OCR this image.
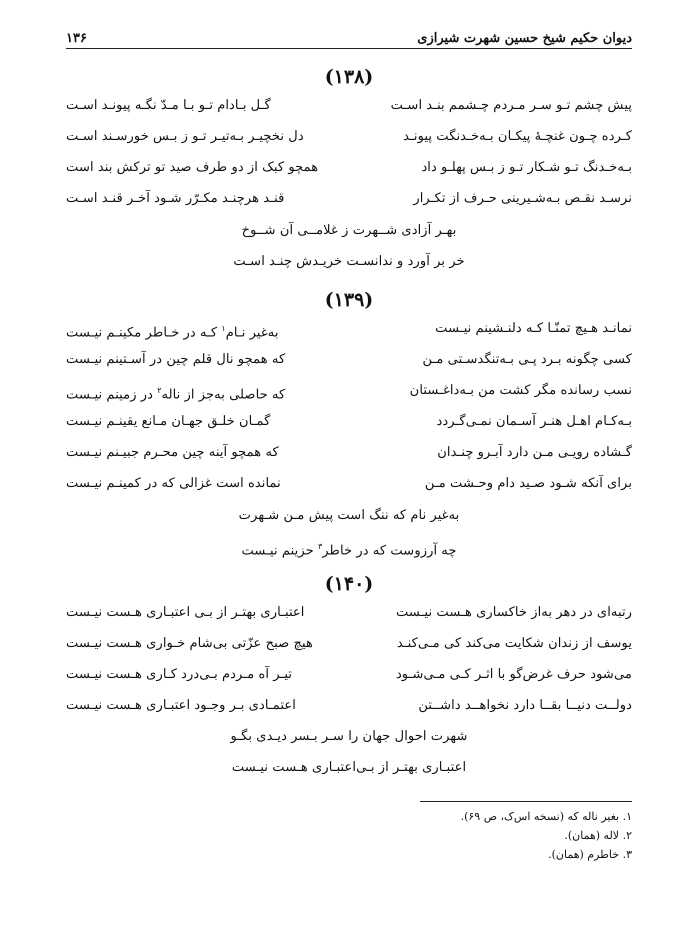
دیوان حکیم شیخ حسین شهرت شیرازی
۱۳۶
(۱۳۸)
پیش چشم تـو سـر مـردم چـشمم بنـد اسـت
گـل بـادام تـو بـا مـدّ نگـه پیونـد اسـت
کـرده چـون غنچـهٔ پیکـان بـه‌خـدنگت پیونـد
دل نخچیـر بـه‌تیـر تـو ز بـس خورسـند اسـت
بـه‌خـدنگ تـو شـکار تـو ز بـس پهلـو داد
همچو کبک از دو طرف صید تو ترکش بند است
نرسـد نقـص بـه‌شـیرینی حـرف از تکـرار
قنـد هرچنـد مکـرّر شـود آخـر قنـد اسـت
بهـر آزادی شــهرت ز غلامــی آن شــوخ
خر بر آورد و ندانسـت خریـدش چنـد اسـت
(۱۳۹)
نمانـد هـیچ تمنّـا کـه دلنـشینم نیـست
به‌غیر نـام$^۱$ کـه در خـاطر مکینـم نیـست
کسی چگونه بـرد پـی بـه‌تنگدسـتی مـن
که همچو نال قلم چین در آسـتینم نیـست
نسب رسانده مگر کشت من بـه‌داغـستان
که حاصلی به‌جز از ناله$^۲$ در زمینم نیـست
بـه‌کـام اهـل هنـر آسـمان نمـی‌گـردد
گمـان خلـق جهـان مـانع یقینـم نیـست
گـشاده رویـی مـن دارد آبـرو چنـدان
که همچو آینه چین محـرم جبیـنم نیـست
برای آنکه شـود صـید دام وحـشت مـن
نمانده است غزالی که در کمینـم نیـست
به‌غیر نام که ننگ است پیش مـن شـهرت
چه آرزوست که در خاطر$^۳$ حزینم نیـست
(۱۴۰)
رتبه‌ای در دهر به‌از خاکساری هـست نیـست
اعتبـاری بهتـر از بـی اعتبـاری هـست نیـست
یوسف از زندان شکایت می‌کند کی مـی‌کنـد
هیچ صبح عزّتی بی‌شام خـواری هـست نیـست
می‌شود حرف غرض‌گو با اثـر کـی مـی‌شـود
تیـر آه مـردم بـی‌درد کـاری هـست نیـست
دولــت دنیــا بقــا دارد نخواهــد داشــتن
اعتمـادی بـر وجـود اعتبـاری هـست نیـست
شهرت احوال جهان را سـر بـسر دیـدی بگـو
اعتبـاری بهتـر از بـی‌اعتبـاری هـست نیـست
۱. بغیر ناله که (نسخه اس‌ک، ص ۶۹).
۲. لاله (همان).
۳. خاطرم (همان).
